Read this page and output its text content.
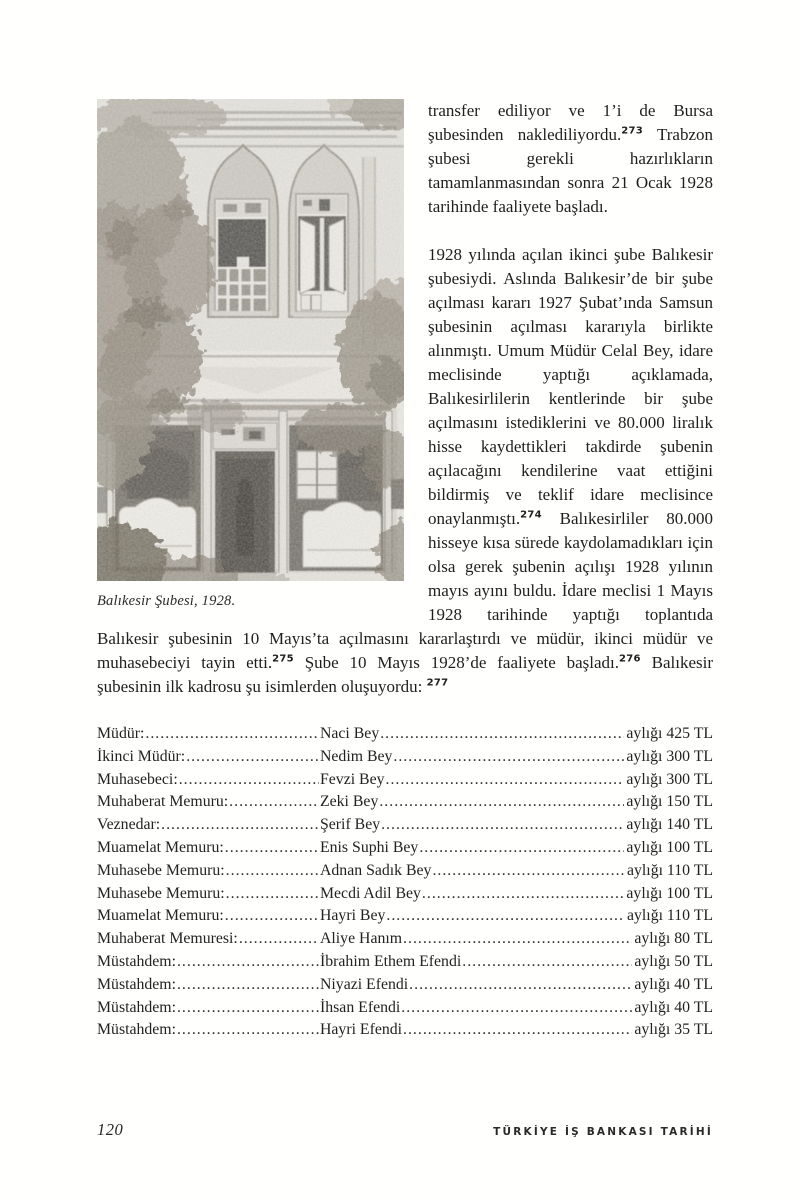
Balıkesir Şubesi, 1928.

transfer ediliyor ve 1’i de Bursa şubesinden naklediliyordu.$^{273}$ Trabzon şubesi gerekli hazırlıkların tamamlanmasından sonra 21 Ocak 1928 tarihinde faaliyete başladı.

1928 yılında açılan ikinci şube Balıkesir şubesiydi. Aslında Balıkesir’de bir şube açılması kararı 1927 Şubat’ında Samsun şubesinin açılması kararıyla birlikte alınmıştı. Umum Müdür Celal Bey, idare meclisinde yaptığı açıklamada, Balıkesirlilerin kentlerinde bir şube açılmasını istediklerini ve 80.000 liralık hisse kaydettikleri takdirde şubenin açılacağını kendilerine vaat ettiğini bildirmiş ve teklif idare meclisince onaylanmıştı.$^{274}$ Balıkesirliler 80.000 hisseye kısa sürede kaydolamadıkları için olsa gerek şubenin açılışı 1928 yılının mayıs ayını buldu. İdare meclisi 1 Mayıs 1928 tarihinde yaptığı toplantıda Balıkesir şubesinin 10 Mayıs’ta açılmasını kararlaştırdı ve müdür, ikinci müdür ve muhasebeciyi tayin etti.$^{275}$ Şube 10 Mayıs 1928’de faaliyete başladı.$^{276}$ Balıkesir şubesinin ilk kadrosu şu isimlerden oluşuyordu: $^{277}$

Müdür: .....	Naci Bey .....	aylığı 425 TL
İkinci Müdür: .....	Nedim Bey .....	aylığı 300 TL
Muhasebeci: .....	Fevzi Bey .....	aylığı 300 TL
Muhaberat Memuru: .....	Zeki Bey .....	aylığı 150 TL
Veznedar: .....	Şerif Bey .....	aylığı 140 TL
Muamelat Memuru: .....	Enis Suphi Bey .....	aylığı 100 TL
Muhasebe Memuru: .....	Adnan Sadık Bey .....	aylığı 110 TL
Muhasebe Memuru: .....	Mecdi Adil Bey .....	aylığı 100 TL
Muamelat Memuru: .....	Hayri Bey .....	aylığı 110 TL
Muhaberat Memuresi: .....	Aliye Hanım .....	aylığı 80 TL
Müstahdem: .....	İbrahim Ethem Efendi .....	aylığı 50 TL
Müstahdem: .....	Niyazi Efendi .....	aylığı 40 TL
Müstahdem: .....	İhsan Efendi .....	aylığı 40 TL
Müstahdem: .....	Hayri Efendi .....	aylığı 35 TL
120	TÜRKİYE İŞ BANKASI TARİHİ
